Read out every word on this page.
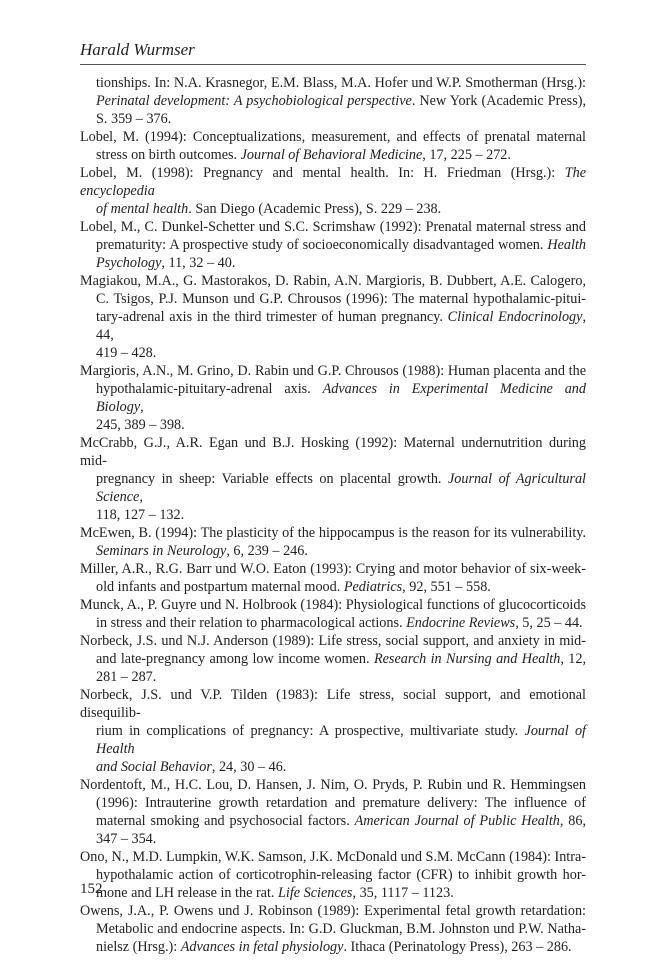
Harald Wurmser

tionships. In: N.A. Krasnegor, E.M. Blass, M.A. Hofer und W.P. Smotherman (Hrsg.):
Perinatal development: A psychobiological perspective. New York (Academic Press),
S. 359 – 376.

Lobel, M. (1994): Conceptualizations, measurement, and effects of prenatal maternal
stress on birth outcomes. Journal of Behavioral Medicine, 17, 225 – 272.

Lobel, M. (1998): Pregnancy and mental health. In: H. Friedman (Hrsg.): The encyclopedia
of mental health. San Diego (Academic Press), S. 229 – 238.

Lobel, M., C. Dunkel-Schetter und S.C. Scrimshaw (1992): Prenatal maternal stress and
prematurity: A prospective study of socioeconomically disadvantaged women. Health
Psychology, 11, 32 – 40.

Magiakou, M.A., G. Mastorakos, D. Rabin, A.N. Margioris, B. Dubbert, A.E. Calogero,
C. Tsigos, P.J. Munson und G.P. Chrousos (1996): The maternal hypothalamic-pitui-
tary-adrenal axis in the third trimester of human pregnancy. Clinical Endocrinology, 44,
419 – 428.

Margioris, A.N., M. Grino, D. Rabin und G.P. Chrousos (1988): Human placenta and the
hypothalamic-pituitary-adrenal axis. Advances in Experimental Medicine and Biology,
245, 389 – 398.

McCrabb, G.J., A.R. Egan und B.J. Hosking (1992): Maternal undernutrition during mid-
pregnancy in sheep: Variable effects on placental growth. Journal of Agricultural Science,
118, 127 – 132.

McEwen, B. (1994): The plasticity of the hippocampus is the reason for its vulnerability.
Seminars in Neurology, 6, 239 – 246.

Miller, A.R., R.G. Barr und W.O. Eaton (1993): Crying and motor behavior of six-week-
old infants and postpartum maternal mood. Pediatrics, 92, 551 – 558.

Munck, A., P. Guyre und N. Holbrook (1984): Physiological functions of glucocorticoids
in stress and their relation to pharmacological actions. Endocrine Reviews, 5, 25 – 44.

Norbeck, J.S. und N.J. Anderson (1989): Life stress, social support, and anxiety in mid-
and late-pregnancy among low income women. Research in Nursing and Health, 12,
281 – 287.

Norbeck, J.S. und V.P. Tilden (1983): Life stress, social support, and emotional disequilib-
rium in complications of pregnancy: A prospective, multivariate study. Journal of Health
and Social Behavior, 24, 30 – 46.

Nordentoft, M., H.C. Lou, D. Hansen, J. Nim, O. Pryds, P. Rubin und R. Hemmingsen
(1996): Intrauterine growth retardation and premature delivery: The influence of
maternal smoking and psychosocial factors. American Journal of Public Health, 86,
347 – 354.

Ono, N., M.D. Lumpkin, W.K. Samson, J.K. McDonald und S.M. McCann (1984): Intra-
hypothalamic action of corticotrophin-releasing factor (CFR) to inhibit growth hor-
mone and LH release in the rat. Life Sciences, 35, 1117 – 1123.

Owens, J.A., P. Owens und J. Robinson (1989): Experimental fetal growth retardation:
Metabolic and endocrine aspects. In: G.D. Gluckman, B.M. Johnston und P.W. Natha-
nielsz (Hrsg.): Advances in fetal physiology. Ithaca (Perinatology Press), 263 – 286.

152
